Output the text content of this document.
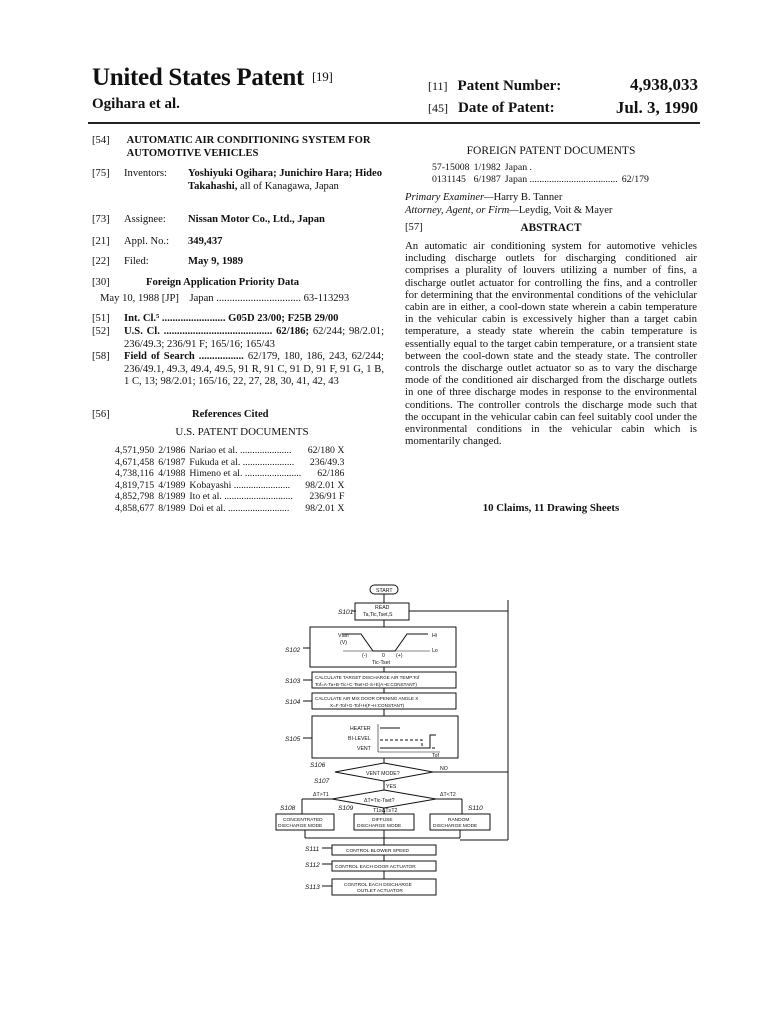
United States Patent [19]
Ogihara et al.
[11] Patent Number:	4,938,033
[45] Date of Patent:	Jul. 3, 1990
[54] AUTOMATIC AIR CONDITIONING SYSTEM FOR AUTOMOTIVE VEHICLES
[75] Inventors: Yoshiyuki Ogihara; Junichiro Hara; Hideo Takahashi, all of Kanagawa, Japan
[73] Assignee: Nissan Motor Co., Ltd., Japan
[21] Appl. No.: 349,437
[22] Filed:	May 9, 1989
[30]	Foreign Application Priority Data
May 10, 1988 [JP]    Japan ................................ 63-113293
[51] Int. Cl.⁵ ........................ G05D 23/00; F25B 29/00
[52]	U.S. Cl. ......................................... 62/186; 62/244; 98/2.01; 236/49.3; 236/91 F; 165/16; 165/43
[58]	Field of Search ................. 62/179, 180, 186, 243, 62/244; 236/49.1, 49.3, 49.4, 49.5, 91 R, 91 C, 91 D, 91 F, 91 G, 1 B, 1 C, 13; 98/2.01; 165/16, 22, 27, 28, 30, 41, 42, 43
[56]	References Cited
U.S. PATENT DOCUMENTS
4,571,950	2/1986	Nariao et al. .....................	62/180 X
4,671,458	6/1987	Fukuda et al. .....................	236/49.3
4,738,116	4/1988	Himeno et al. .......................	62/186
4,819,715	4/1989	Kobayashi .......................	98/2.01 X
4,852,798	8/1989	Ito et al. ............................	236/91 F
4,858,677	8/1989	Doi et al. .........................	98/2.01 X
FOREIGN PATENT DOCUMENTS
57-15008	1/1982	Japan .	
0131145	6/1987	Japan ....................................	62/179
Primary Examiner—Harry B. Tanner
Attorney, Agent, or Firm—Leydig, Voit & Mayer
[57]	ABSTRACT
An automatic air conditioning system for automotive vehicles including discharge outlets for discharging conditioned air comprises a plurality of louvers utilizing a number of fins, a discharge outlet actuator for controlling the fins, and a controller for determining that the environmental conditions of the vehiclular cabin are in either, a cool-down state wherein a cabin temperature in the vehicular cabin is excessively higher than a target cabin temperature, a steady state wherein the cabin temperature is essentially equal to the target cabin temperature, or a transient state between the cool-down state and the steady state. The controller controls the discharge outlet actuator so as to vary the discharge mode of the conditioned air discharged from the discharge outlets in one of three discharge modes in response to the environmental conditions. The controller controls the discharge mode such that the occupant in the vehicular cabin can feel suitably cool under the environmental conditions in the vehicular cabin which is momentarily changed.
10 Claims, 11 Drawing Sheets
START
S101
READ
Ta,Tic,Tset,S
S102
Vfan
(V)
Hi
Lo
(-)	0 (+)
Tic-Tset
S103
CALCULATE TARGET DISCHARGE AIR TEMP.Tof
Tof=A·Ta+B·Tic+C·Tset+D·S+E(A~E:CONSTANT)
S104
CALCULATE AIR MIX DOOR OPENING ANGLE X
X=F·Tof+G·Tof+H(F~H:CONSTANT)
S105
HEATER
BI-LEVEL
VENT
Tof
S106
VENT MODE?
NO
S107
YES
ΔT>T1
ΔT=Tic-Tset?
ΔT<T2
T1≥ΔT≥T2
S108	S109	S110
CONCENTRATED
DISCHARGE MODE
DIFFUSE
DISCHARGE MODE
RANDOM
DISCHARGE MODE
S111	CONTROL BLOWER SPEED
S112	CONTROL EACH DOOR ACTUATOR
S113	CONTROL EACH DISCHARGE
OUTLET ACTUATOR
